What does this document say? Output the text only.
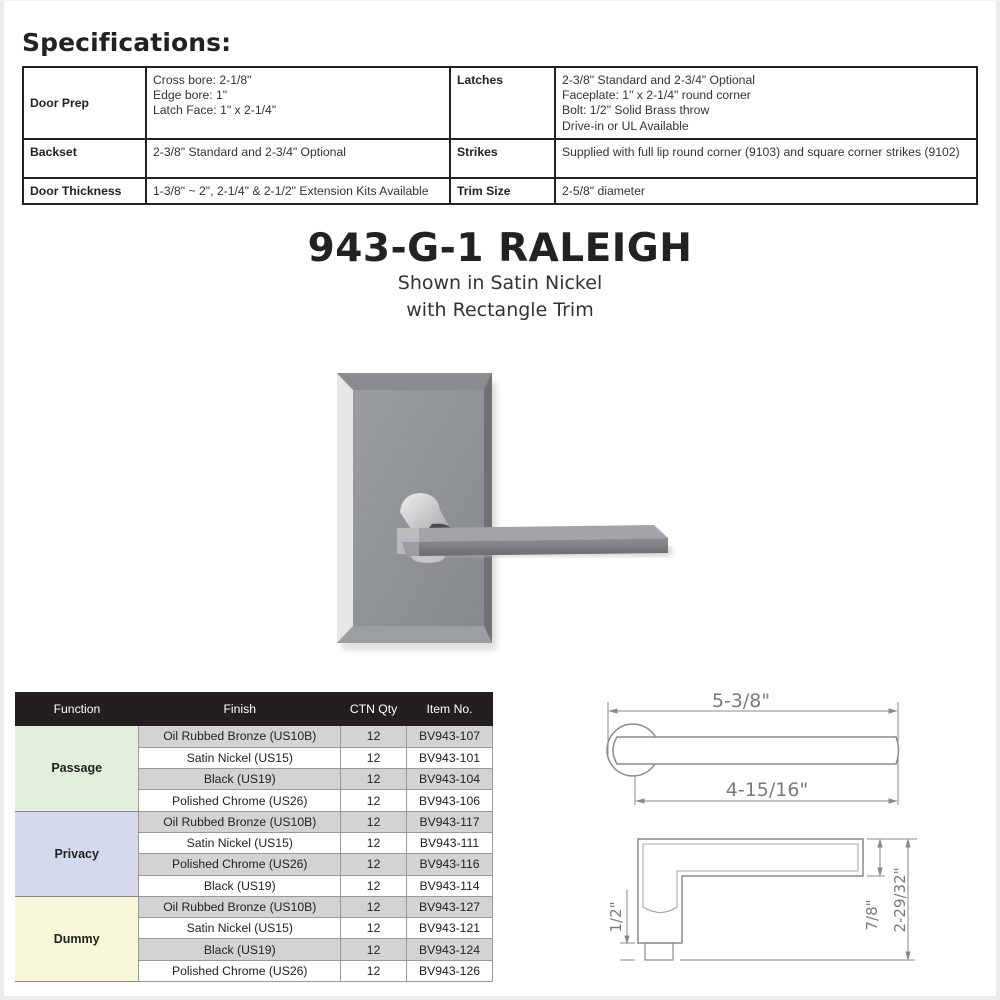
Specifications:
Door Prep	Cross bore: 2-1/8"
Edge bore: 1"
Latch Face: 1" x 2-1/4"	Latches	2-3/8" Standard and 2-3/4" Optional
Faceplate: 1" x 2-1/4" round corner
Bolt: 1/2" Solid Brass throw
Drive-in or UL Available

Backset	2-3/8" Standard and 2-3/4" Optional	Strikes	Supplied with full lip round corner (9103) and square corner strikes (9102)
Door Thickness	1-3/8" ~ 2", 2-1/4" & 2-1/2" Extension Kits Available	Trim Size	2-5/8" diameter
943-G-1 RALEIGH
Shown in Satin Nickel
with Rectangle Trim
Function	Finish	CTN Qty	Item No.
Passage	Oil Rubbed Bronze (US10B)	12	BV943-107
	Satin Nickel (US15)	12	BV943-101
	Black (US19)	12	BV943-104
	Polished Chrome (US26)	12	BV943-106
Privacy	Oil Rubbed Bronze (US10B)	12	BV943-117
	Satin Nickel (US15)	12	BV943-111
	Polished Chrome (US26)	12	BV943-116
	Black (US19)	12	BV943-114
Dummy	Oil Rubbed Bronze (US10B)	12	BV943-127
	Satin Nickel (US15)	12	BV943-121
	Black (US19)	12	BV943-124
	Polished Chrome (US26)	12	BV943-126
5-3/8"
4-15/16"
1/2"	7/8" 2-29/32"
